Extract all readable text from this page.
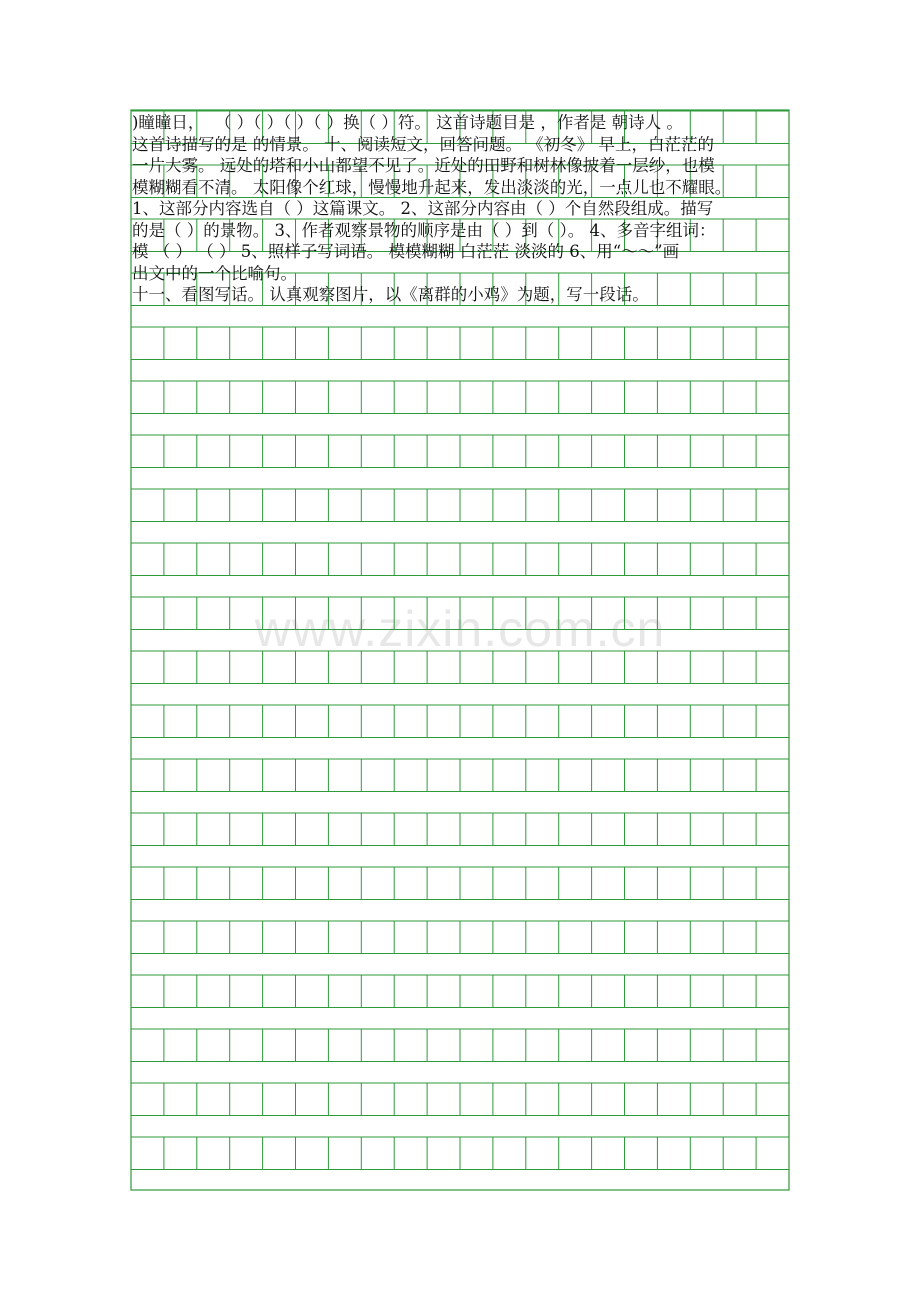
)瞳瞳日，  （ ）（ ）（ ）（ ）换（ ）符。 这首诗题目是 ，作者是 朝诗人 。
这首诗描写的是 的情景。 十、阅读短文，回答问题。 《初冬》 早上，白茫茫的
一片大雾。 远处的塔和小山都望不见了。近处的田野和树林像披着一层纱，也模
模糊糊看不清。 太阳像个红球，慢慢地升起来，发出淡淡的光，一点儿也不耀眼。
1、这部分内容选自（ ）这篇课文。 2、这部分内容由（ ）个自然段组成。描写
的是（ ）的景物。 3、作者观察景物的顺序是由（ ）到（ ）。 4、多音字组词：
模 （ ） （ ） 5、照样子写词语。 模模糊糊 白茫茫 淡淡的 6、用“～～”画
出文中的一个比喻句。
十一、看图写话。 认真观察图片，以《离群的小鸡》为题，写一段话。
www.zixin.com.cn
